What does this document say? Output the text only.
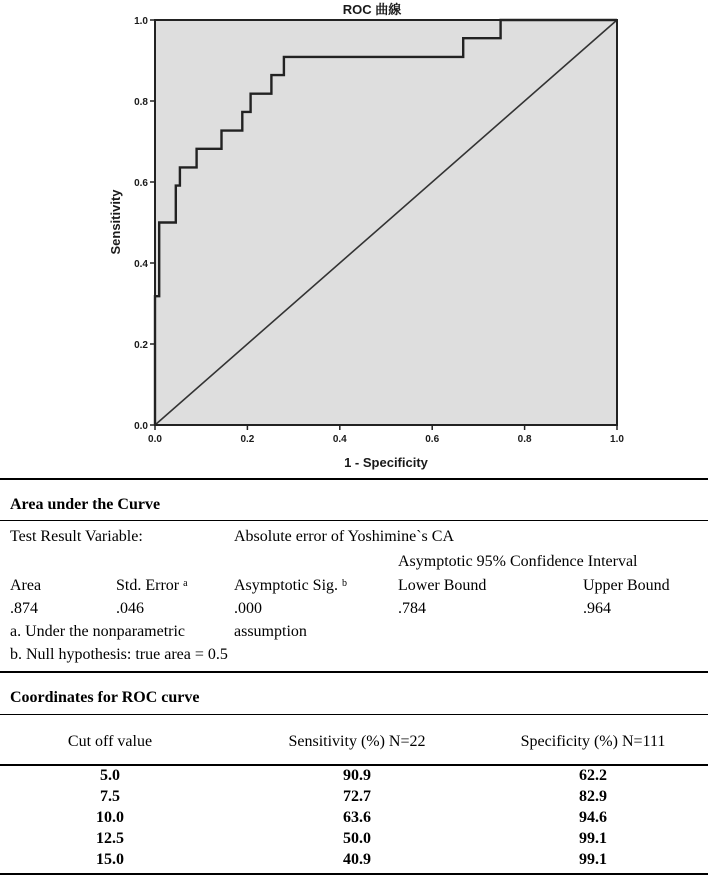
0.0	0.2	0.4	0.6	0.8	1.0
0.0
0.2
0.4
0.6
0.8
1.0
ROC 曲線
1 - Specificity
Sensitivity
Area under the Curve
Test Result Variable:	Absolute error of Yoshimine`s CA
Asymptotic 95% Confidence Interval
Area	Std. Error $^a$	Asymptotic Sig. $^b$	Lower Bound	Upper Bound
.874	.046	.000	.784	.964
a. Under the nonparametric	assumption
b. Null hypothesis: true area = 0.5
Coordinates for ROC curve
Cut off value	Sensitivity (%) N=22	Specificity (%) N=111
5.0	90.9	62.2
7.5	72.7	82.9
10.0	63.6	94.6
12.5	50.0	99.1
15.0	40.9	99.1
